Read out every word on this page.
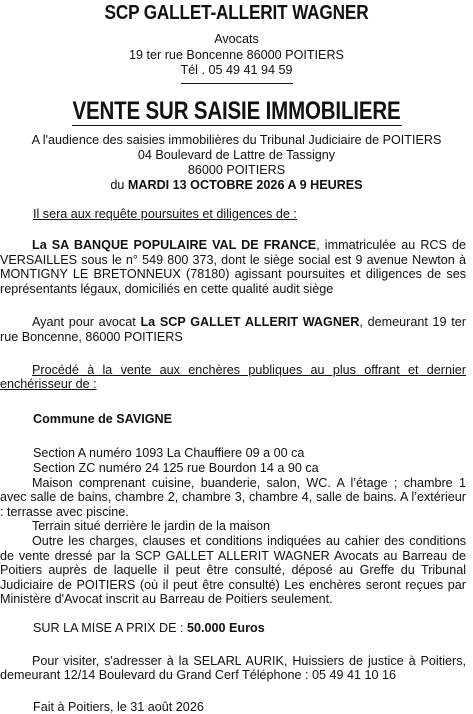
SCP GALLET-ALLERIT WAGNER
Avocats
19 ter rue Boncenne 86000 POITIERS
Tél . 05 49 41 94 59
VENTE SUR SAISIE IMMOBILIERE
A l'audience des saisies immobilières du Tribunal Judiciaire de POITIERS
04 Boulevard de Lattre de Tassigny
86000 POITIERS
du MARDI 13 OCTOBRE 2026 A 9 HEURES

Il sera aux requête poursuites et diligences de :

La SA BANQUE POPULAIRE VAL DE FRANCE, immatriculée au RCS de VERSAILLES sous le n° 549 800 373, dont le siège social est 9 avenue Newton à MONTIGNY LE BRETONNEUX (78180) agissant poursuites et diligences de ses représentants légaux, domiciliés en cette qualité audit siège

Ayant pour avocat La SCP GALLET ALLERIT WAGNER, demeurant 19 ter rue Boncenne, 86000 POITIERS

Procédé à la vente aux enchères publiques au plus offrant et dernier enchérisseur de :

Commune de SAVIGNE

Section A numéro 1093 La Chauffiere 09 a 00 ca

Section ZC numéro 24 125 rue Bourdon 14 a 90 ca

Maison comprenant cuisine, buanderie, salon, WC. A l’étage ; chambre 1 avec salle de bains, chambre 2, chambre 3, chambre 4, salle de bains. A l’extérieur : terrasse avec piscine.

Terrain situé derrière le jardin de la maison

Outre les charges, clauses et conditions indiquées au cahier des conditions de vente dressé par la SCP GALLET ALLERIT WAGNER Avocats au Barreau de Poitiers auprès de laquelle il peut être consulté, déposé au Greffe du Tribunal Judiciaire de POITIERS (où il peut être consulté) Les enchères seront reçues par Ministère d'Avocat inscrit au Barreau de Poitiers seulement.

SUR LA MISE A PRIX DE : 50.000 Euros

Pour visiter, s'adresser à la SELARL AURIK, Huissiers de justice à Poitiers, demeurant 12/14 Boulevard du Grand Cerf Téléphone : 05 49 41 10 16

Fait à Poitiers, le 31 août 2026
